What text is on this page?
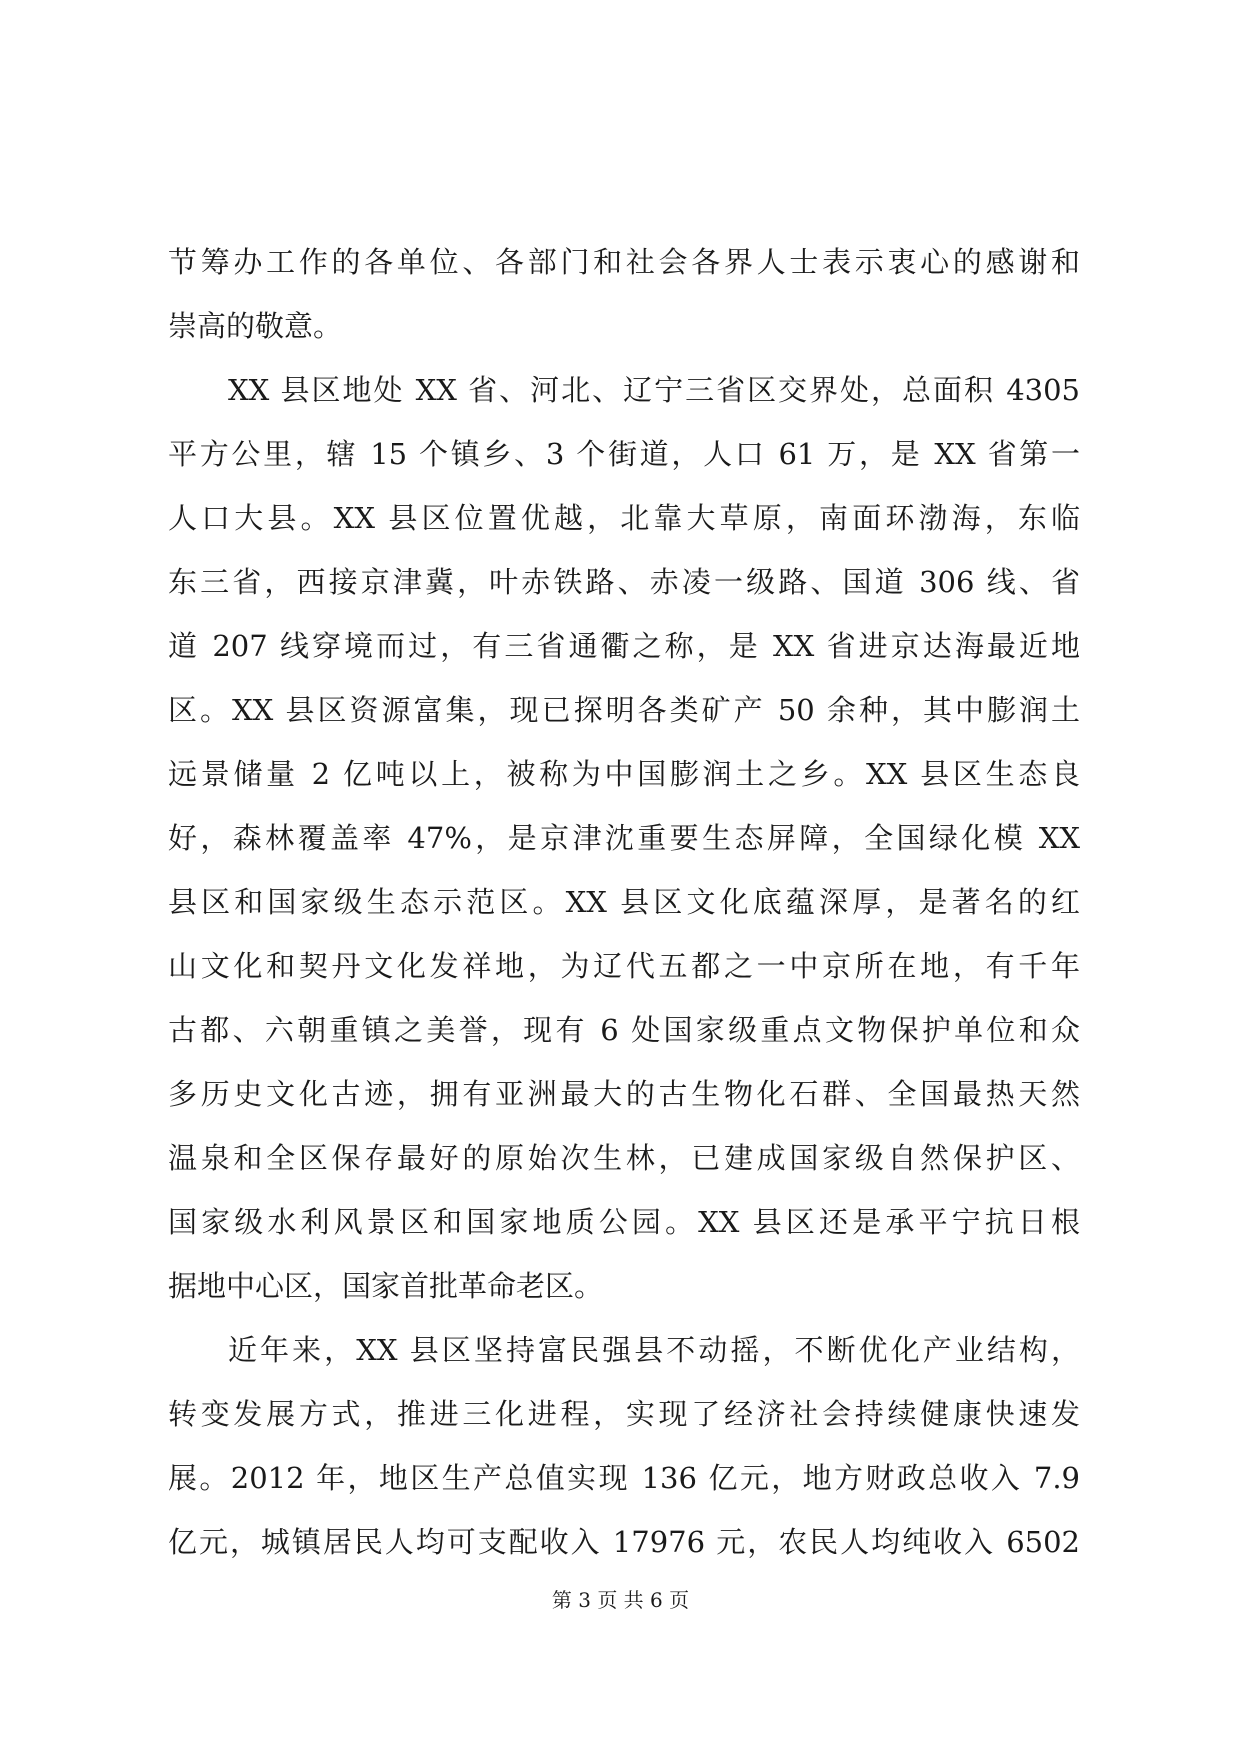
节筹办工作的各单位、各部门和社会各界人士表示衷心的感谢和
崇高的敬意。
XX 县区地处 XX 省、河北、辽宁三省区交界处，总面积 4305
平方公里，辖 15 个镇乡、3 个街道，人口 61 万，是 XX 省第一
人口大县。XX 县区位置优越，北靠大草原，南面环渤海，东临
东三省，西接京津冀，叶赤铁路、赤凌一级路、国道 306 线、省
道 207 线穿境而过，有三省通衢之称，是 XX 省进京达海最近地
区。XX 县区资源富集，现已探明各类矿产 50 余种，其中膨润土
远景储量 2 亿吨以上，被称为中国膨润土之乡。XX 县区生态良
好，森林覆盖率 47%，是京津沈重要生态屏障，全国绿化模 XX
县区和国家级生态示范区。XX 县区文化底蕴深厚，是著名的红
山文化和契丹文化发祥地，为辽代五都之一中京所在地，有千年
古都、六朝重镇之美誉，现有 6 处国家级重点文物保护单位和众
多历史文化古迹，拥有亚洲最大的古生物化石群、全国最热天然
温泉和全区保存最好的原始次生林，已建成国家级自然保护区、
国家级水利风景区和国家地质公园。XX 县区还是承平宁抗日根
据地中心区，国家首批革命老区。
近年来，XX 县区坚持富民强县不动摇，不断优化产业结构，
转变发展方式，推进三化进程，实现了经济社会持续健康快速发
展。2012 年，地区生产总值实现 136 亿元，地方财政总收入 7.9
亿元，城镇居民人均可支配收入 17976 元，农民人均纯收入 6502
第 3 页 共 6 页
